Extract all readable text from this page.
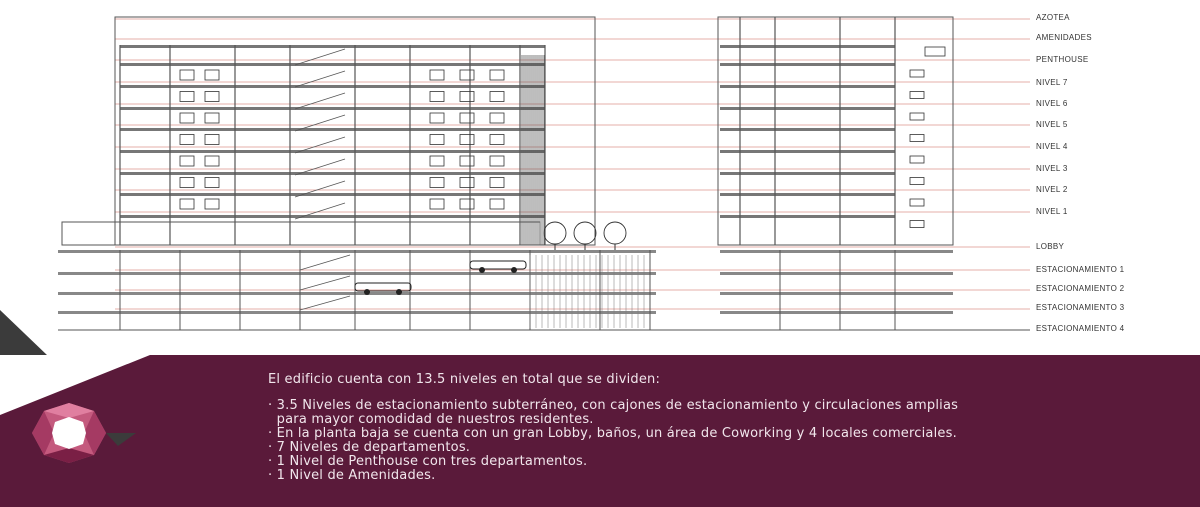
AZOTEA
AMENIDADES
PENTHOUSE
NIVEL 7
NIVEL 6
NIVEL 5
NIVEL 4
NIVEL 3
NIVEL 2
NIVEL 1
LOBBY
ESTACIONAMIENTO 1
ESTACIONAMIENTO 2
ESTACIONAMIENTO 3
ESTACIONAMIENTO 4

El edificio cuenta con 13.5 niveles en total que se dividen:

· 3.5 Niveles de estacionamiento subterráneo, con cajones de estacionamiento y circulaciones amplias
para mayor comodidad de nuestros residentes.
· En la planta baja se cuenta con un gran Lobby, baños, un área de Coworking y 4 locales comerciales.
· 7 Niveles de departamentos.
· 1 Nivel de Penthouse con tres departamentos.
· 1 Nivel de Amenidades.
